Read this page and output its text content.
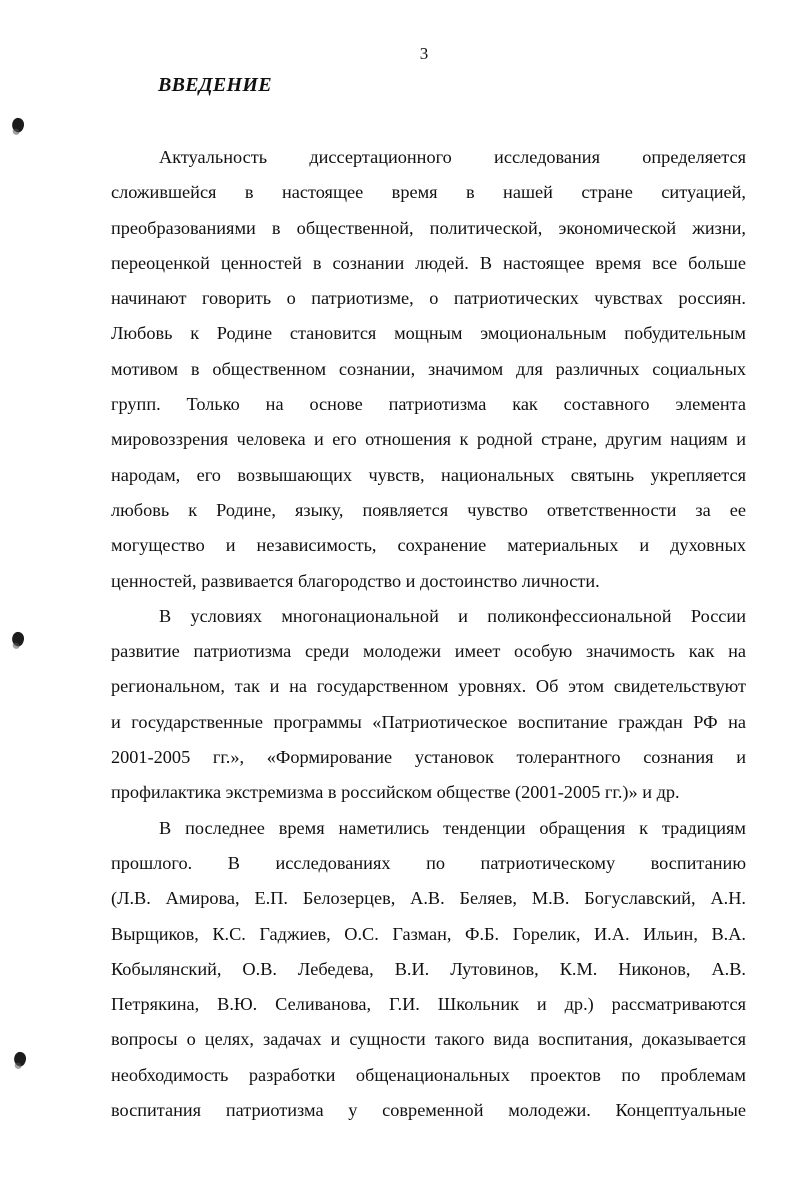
3
ВВЕДЕНИЕ
Актуальность диссертационного исследования определяется
сложившейся в настоящее время в нашей стране ситуацией,
преобразованиями в общественной, политической, экономической жизни,
переоценкой ценностей в сознании людей. В настоящее время все больше
начинают говорить о патриотизме, о патриотических чувствах россиян.
Любовь к Родине становится мощным эмоциональным побудительным
мотивом в общественном сознании, значимом для различных социальных
групп. Только на основе патриотизма как составного элемента
мировоззрения человека и его отношения к родной стране, другим нациям и
народам, его возвышающих чувств, национальных святынь укрепляется
любовь к Родине, языку, появляется чувство ответственности за ее
могущество и независимость, сохранение материальных и духовных
ценностей, развивается благородство и достоинство личности.
В условиях многонациональной и поликонфессиональной России
развитие патриотизма среди молодежи имеет особую значимость как на
региональном, так и на государственном уровнях. Об этом свидетельствуют
и государственные программы «Патриотическое воспитание граждан РФ на
2001-2005 гг.», «Формирование установок толерантного сознания и
профилактика экстремизма в российском обществе (2001-2005 гг.)» и др.
В последнее время наметились тенденции обращения к традициям
прошлого. В исследованиях по патриотическому воспитанию
(Л.В. Амирова, Е.П. Белозерцев, А.В. Беляев, М.В. Богуславский, А.Н.
Вырщиков, К.С. Гаджиев, О.С. Газман, Ф.Б. Горелик, И.А. Ильин, В.А.
Кобылянский, О.В. Лебедева, В.И. Лутовинов, К.М. Никонов, А.В.
Петрякина, В.Ю. Селиванова, Г.И. Школьник и др.) рассматриваются
вопросы о целях, задачах и сущности такого вида воспитания, доказывается
необходимость разработки общенациональных проектов по проблемам
воспитания патриотизма у современной молодежи. Концептуальные
